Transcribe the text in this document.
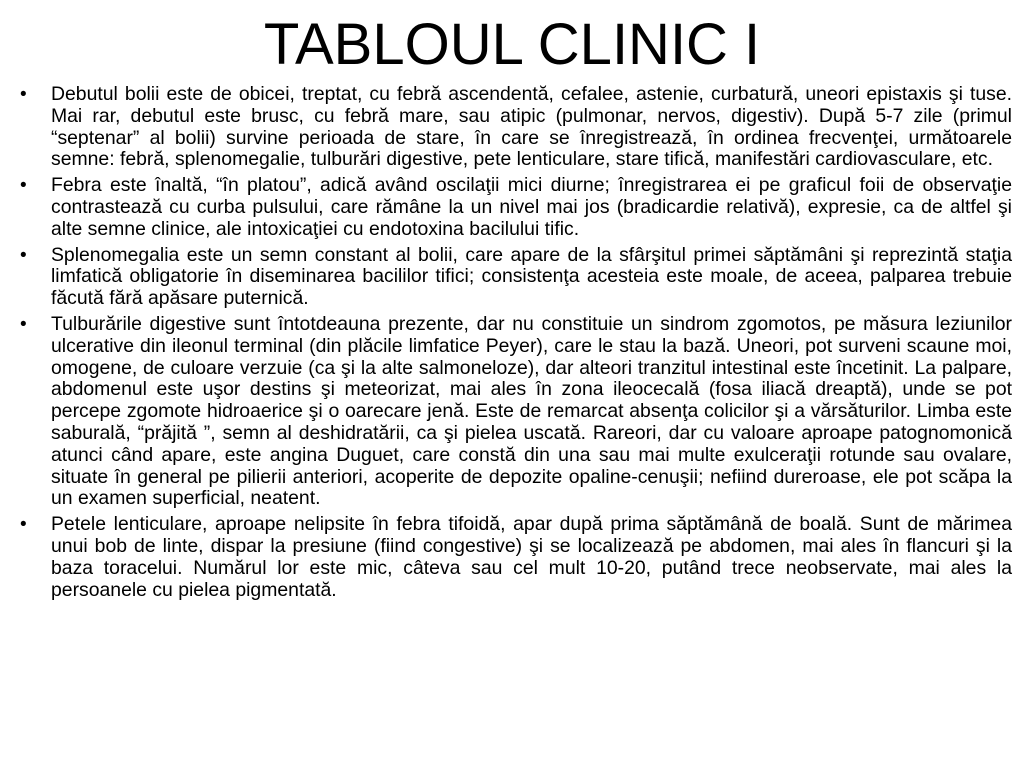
TABLOUL CLINIC I
•	Debutul bolii este de obicei, treptat, cu febră ascendentă, cefalee, astenie, curbatură, uneori epistaxis şi tuse. Mai rar, debutul este brusc, cu febră mare, sau atipic (pulmonar, nervos, digestiv). După 5-7 zile (primul “septenar” al bolii) survine perioada de stare, în care se înregistrează, în ordinea frecvenţei, următoarele semne: febră, splenomegalie, tulburări digestive, pete lenticulare, stare tifică, manifestări cardiovasculare, etc.
•	Febra este înaltă, “în platou”, adică având oscilaţii mici diurne; înregistrarea ei pe graficul foii de observaţie contrastează cu curba pulsului, care rămâne la un nivel mai jos (bradicardie relativă), expresie, ca de altfel şi alte semne clinice, ale intoxicaţiei cu endotoxina bacilului tific.
•	Splenomegalia este un semn constant al bolii, care apare de la sfârşitul primei săptămâni şi reprezintă staţia limfatică obligatorie în diseminarea bacililor tifici; consistenţa acesteia este moale, de aceea, palparea trebuie făcută fără apăsare puternică.
•	Tulburările digestive sunt întotdeauna prezente, dar nu constituie un sindrom zgomotos, pe măsura leziunilor ulcerative din ileonul terminal (din plăcile limfatice Peyer), care le stau la bază. Uneori, pot surveni scaune moi, omogene, de culoare verzuie (ca şi la alte salmoneloze), dar alteori tranzitul intestinal este încetinit. La palpare, abdomenul este uşor destins şi meteorizat, mai ales în zona ileocecală (fosa iliacă dreaptă), unde se pot percepe zgomote hidroaerice şi o oarecare jenă. Este de remarcat absenţa colicilor şi a vărsăturilor. Limba este saburală, “prăjită ”, semn al deshidratării, ca şi pielea uscată. Rareori, dar cu valoare aproape patognomonică atunci când apare, este angina Duguet, care constă din una sau mai multe exulceraţii rotunde sau ovalare, situate în general pe pilierii anteriori, acoperite de depozite opaline-cenuşii; nefiind dureroase, ele pot scăpa la un examen superficial, neatent.
•	Petele lenticulare, aproape nelipsite în febra tifoidă, apar după prima săptămână de boală. Sunt de mărimea unui bob de linte, dispar la presiune (fiind congestive) şi se localizează pe abdomen, mai ales în flancuri şi la baza toracelui. Numărul lor este mic, câteva sau cel mult 10-20, putând trece neobservate, mai ales la persoanele cu pielea pigmentată.
